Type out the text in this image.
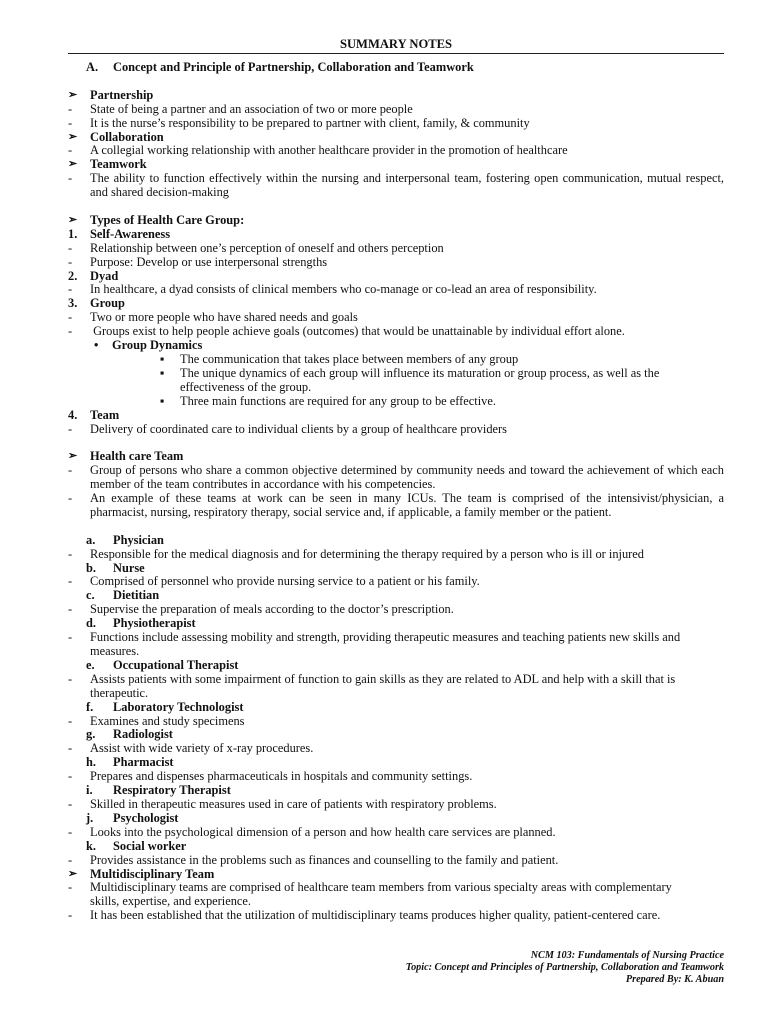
SUMMARY NOTES
A.	Concept and Principle of Partnership, Collaboration and Teamwork
➢	Partnership
-	State of being a partner and an association of two or more people
-	It is the nurse’s responsibility to be prepared to partner with client, family, & community
➢	Collaboration
-	A collegial working relationship with another healthcare provider in the promotion of healthcare
➢	Teamwork
-	The ability to function effectively within the nursing and interpersonal team, fostering open communication, mutual respect, and shared decision-making
➢	Types of Health Care Group:
1.	Self-Awareness
-	Relationship between one’s perception of oneself and others perception
-	Purpose: Develop or use interpersonal strengths
2.	Dyad
-	In healthcare, a dyad consists of clinical members who co-manage or co-lead an area of responsibility.
3.	Group
-	Two or more people who have shared needs and goals
-	Groups exist to help people achieve goals (outcomes) that would be unattainable by individual effort alone.
•	Group Dynamics
▪	The communication that takes place between members of any group
▪	The unique dynamics of each group will influence its maturation or group process, as well as the effectiveness of the group.
▪	Three main functions are required for any group to be effective.
4.	Team
-	Delivery of coordinated care to individual clients by a group of healthcare providers
➢	Health care Team
-	Group of persons who share a common objective determined by community needs and toward the achievement of which each member of the team contributes in accordance with his competencies.
-	An example of these teams at work can be seen in many ICUs. The team is comprised of the intensivist/physician, a pharmacist, nursing, respiratory therapy, social service and, if applicable, a family member or the patient.
a.	Physician
-	Responsible for the medical diagnosis and for determining the therapy required by a person who is ill or injured
b.	Nurse
-	Comprised of personnel who provide nursing service to a patient or his family.
c.	Dietitian
-	Supervise the preparation of meals according to the doctor’s prescription.
d.	Physiotherapist
-	Functions include assessing mobility and strength, providing therapeutic measures and teaching patients new skills and measures.
e.	Occupational Therapist
-	Assists patients with some impairment of function to gain skills as they are related to ADL and help with a skill that is therapeutic.
f.	Laboratory Technologist
-	Examines and study specimens
g.	Radiologist
-	Assist with wide variety of x-ray procedures.
h.	Pharmacist
-	Prepares and dispenses pharmaceuticals in hospitals and community settings.
i.	Respiratory Therapist
-	Skilled in therapeutic measures used in care of patients with respiratory problems.
j.	Psychologist
-	Looks into the psychological dimension of a person and how health care services are planned.
k.	Social worker
-	Provides assistance in the problems such as finances and counselling to the family and patient.
➢	Multidisciplinary Team
-	Multidisciplinary teams are comprised of healthcare team members from various specialty areas with complementary skills, expertise, and experience.
-	It has been established that the utilization of multidisciplinary teams produces higher quality, patient-centered care.
NCM 103: Fundamentals of Nursing Practice
Topic: Concept and Principles of Partnership, Collaboration and Teamwork
Prepared By: K. Abuan
